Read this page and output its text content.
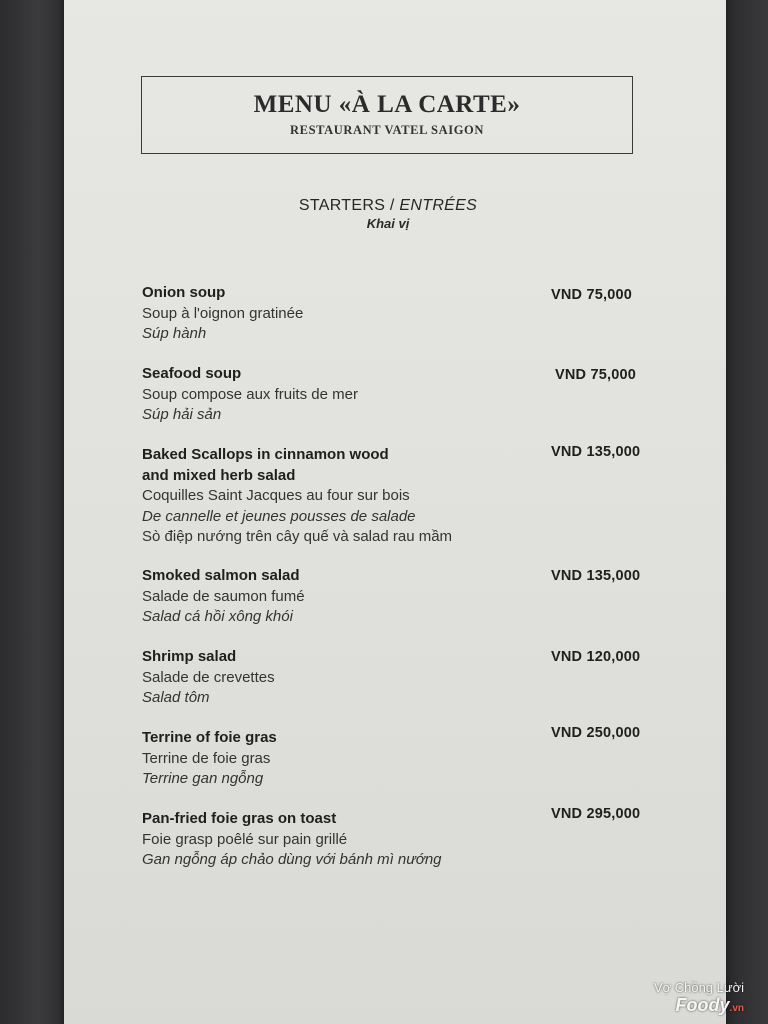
MENU «À LA CARTE»
RESTAURANT VATEL SAIGON
STARTERS / ENTRÉES
Khai vị
Onion soup
Soup à l'oignon gratinée
Súp hành
VND 75,000
Seafood soup
Soup compose aux fruits de mer
Súp hải sản
VND 75,000
Baked Scallops in cinnamon wood
and mixed herb salad
Coquilles Saint Jacques au four sur bois
De cannelle et jeunes pousses de salade
Sò điệp nướng trên cây quế và salad rau mầm
VND 135,000
Smoked salmon salad
Salade de saumon fumé
Salad cá hồi xông khói
VND 135,000
Shrimp salad
Salade de crevettes
Salad tôm
VND 120,000
Terrine of foie gras
Terrine de foie gras
Terrine gan ngỗng
VND 250,000
Pan-fried foie gras on toast
Foie grasp poêlé sur pain grillé
Gan ngỗng áp chảo dùng với bánh mì nướng
VND 295,000
Vợ Chồng Lười
Foody.vn
